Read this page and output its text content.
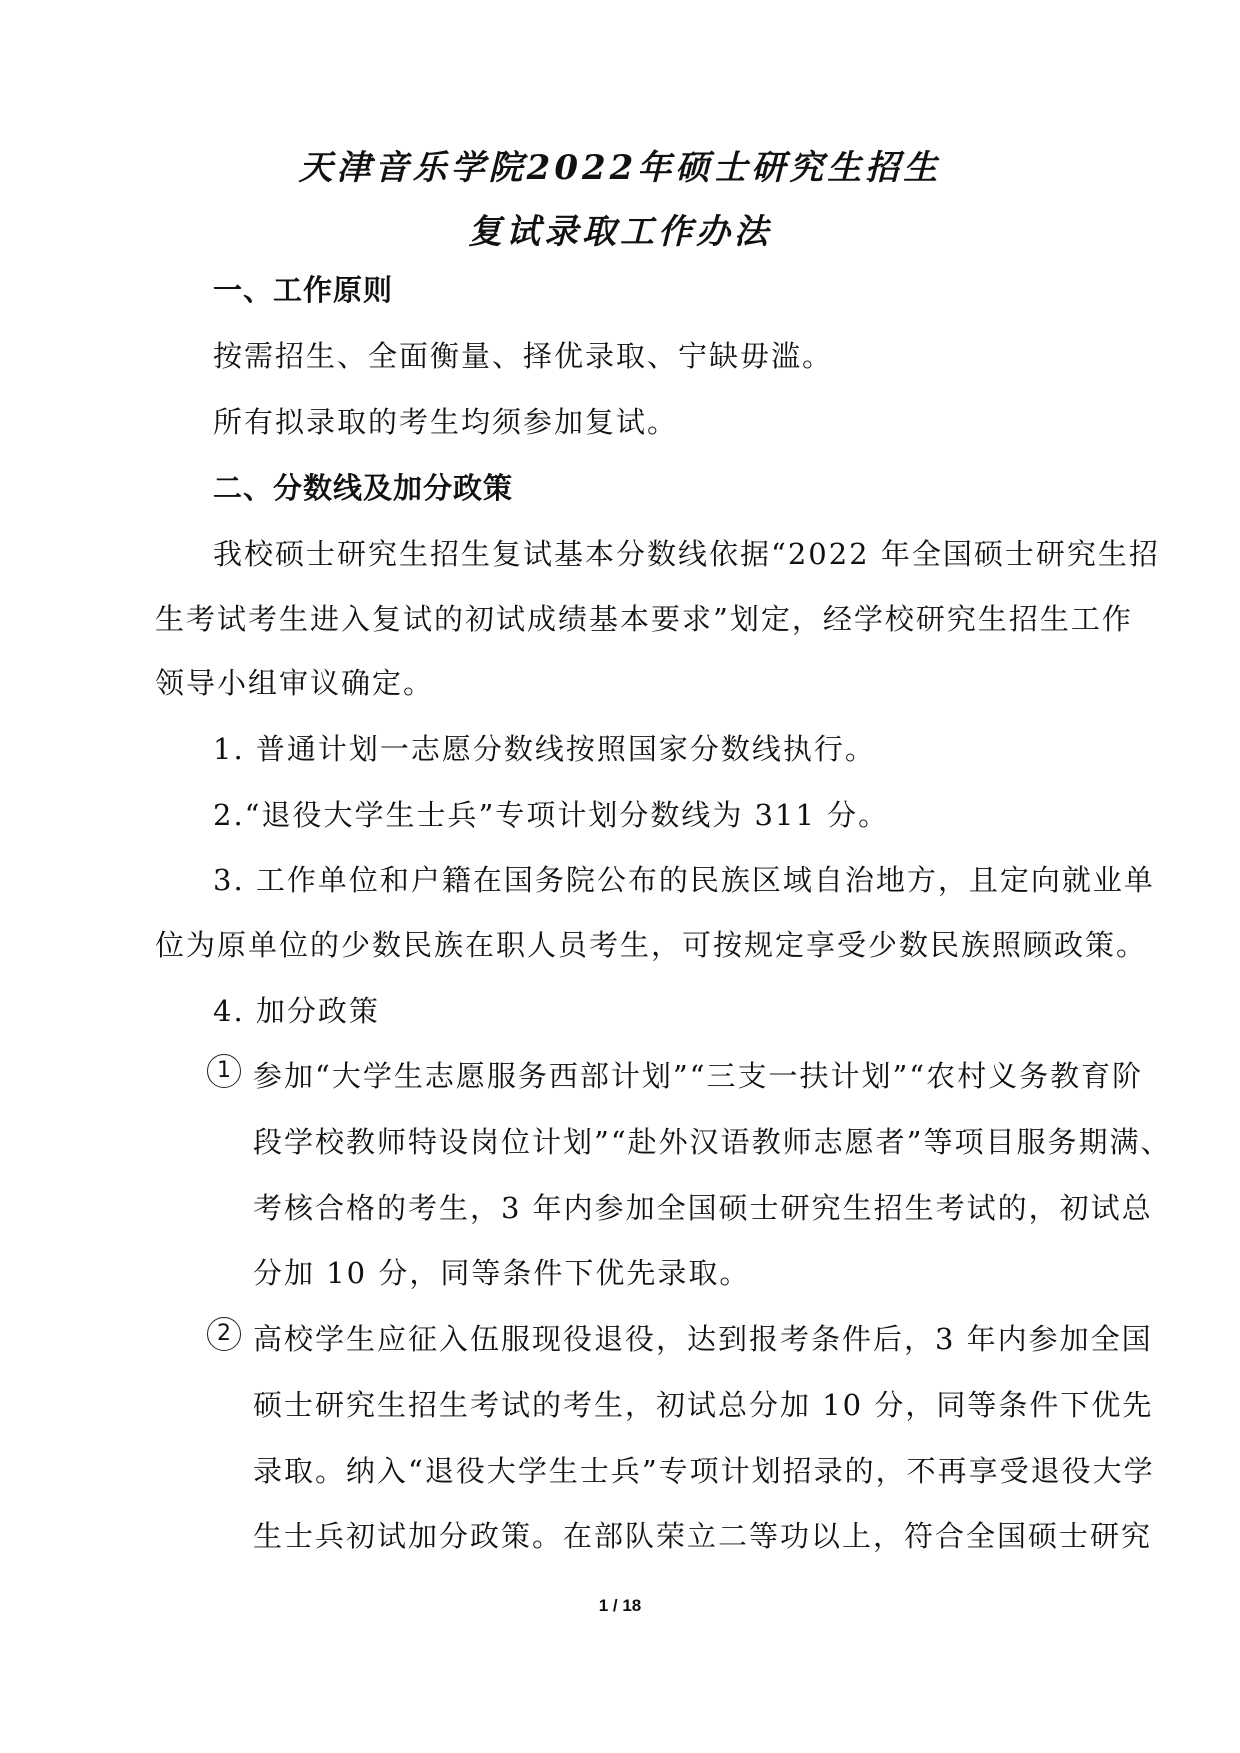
天津音乐学院2022年硕士研究生招生
复试录取工作办法
一、工作原则
按需招生、全面衡量、择优录取、宁缺毋滥。
所有拟录取的考生均须参加复试。
二、分数线及加分政策
我校硕士研究生招生复试基本分数线依据“2022 年全国硕士研究生招
生考试考生进入复试的初试成绩基本要求”划定，经学校研究生招生工作
领导小组审议确定。
1. 普通计划一志愿分数线按照国家分数线执行。
2.“退役大学生士兵”专项计划分数线为 311 分。
3. 工作单位和户籍在国务院公布的民族区域自治地方，且定向就业单
位为原单位的少数民族在职人员考生，可按规定享受少数民族照顾政策。
4. 加分政策
1 参加“大学生志愿服务西部计划”“三支一扶计划”“农村义务教育阶
段学校教师特设岗位计划”“赴外汉语教师志愿者”等项目服务期满、
考核合格的考生，3 年内参加全国硕士研究生招生考试的，初试总
分加 10 分，同等条件下优先录取。
2 高校学生应征入伍服现役退役，达到报考条件后，3 年内参加全国
硕士研究生招生考试的考生，初试总分加 10 分，同等条件下优先
录取。纳入“退役大学生士兵”专项计划招录的，不再享受退役大学
生士兵初试加分政策。在部队荣立二等功以上，符合全国硕士研究
1 / 18
